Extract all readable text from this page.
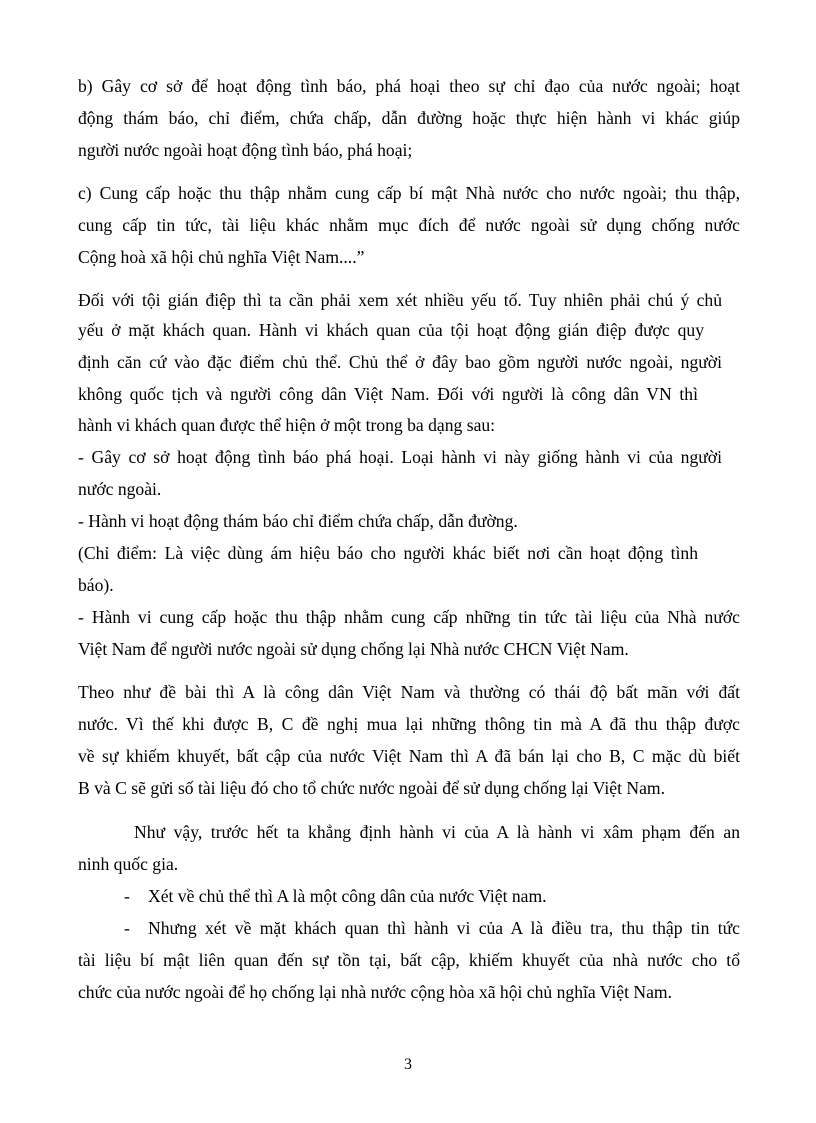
b) Gây cơ sở để hoạt động tình báo, phá hoại theo sự chỉ đạo của nước ngoài; hoạt
động thám báo, chỉ điểm, chứa chấp, dẫn đường hoặc thực hiện hành vi khác giúp
người nước ngoài hoạt động tình báo, phá hoại;
c) Cung cấp hoặc thu thập nhằm cung cấp bí mật Nhà nước cho nước ngoài; thu thập,
cung cấp tin tức, tài liệu khác nhằm mục đích để nước ngoài sử dụng chống nước
Cộng hoà xã hội chủ nghĩa Việt Nam....”
Đối với tội gián điệp thì ta cần phải xem xét nhiều yếu tố. Tuy nhiên phải chú ý chủ
yếu ở mặt khách quan. Hành vi khách quan của tội hoạt động gián điệp được quy
định căn cứ vào đặc điểm chủ thể. Chủ thể ở đây bao gồm người nước ngoài, người
không quốc tịch và người công dân Việt Nam. Đối với người là công dân VN thì
hành vi khách quan được thể hiện ở một trong ba dạng sau:
- Gây cơ sở hoạt động tình báo phá hoại. Loại hành vi này giống hành vi của người
nước ngoài.
- Hành vi hoạt động thám báo chỉ điểm chứa chấp, dẫn đường.
(Chỉ điểm: Là việc dùng ám hiệu báo cho người khác biết nơi cần hoạt động tình
báo).
- Hành vi cung cấp hoặc thu thập nhằm cung cấp những tin tức tài liệu của Nhà nước
Việt Nam để người nước ngoài sử dụng chống lại Nhà nước CHCN Việt Nam.
Theo như đề bài thì A là công dân Việt Nam và thường có thái độ bất mãn với đất
nước. Vì thế khi được B, C đề nghị mua lại những thông tin mà A đã thu thập được
về sự khiếm khuyết, bất cập của nước Việt Nam thì A đã bán lại cho B, C mặc dù biết
B và C sẽ gửi số tài liệu đó cho tổ chức nước ngoài để sử dụng chống lại Việt Nam.
Như vậy, trước hết ta khẳng định hành vi của A là hành vi xâm phạm đến an
ninh quốc gia.
- Xét về chủ thể thì A là một công dân của nước Việt nam.
- Nhưng xét về mặt khách quan thì hành vi của A là điều tra, thu thập tin tức
tài liệu bí mật liên quan đến sự tồn tại, bất cập, khiếm khuyết của nhà nước cho tổ
chức của nước ngoài để họ chống lại nhà nước cộng hòa xã hội chủ nghĩa Việt Nam.
3
